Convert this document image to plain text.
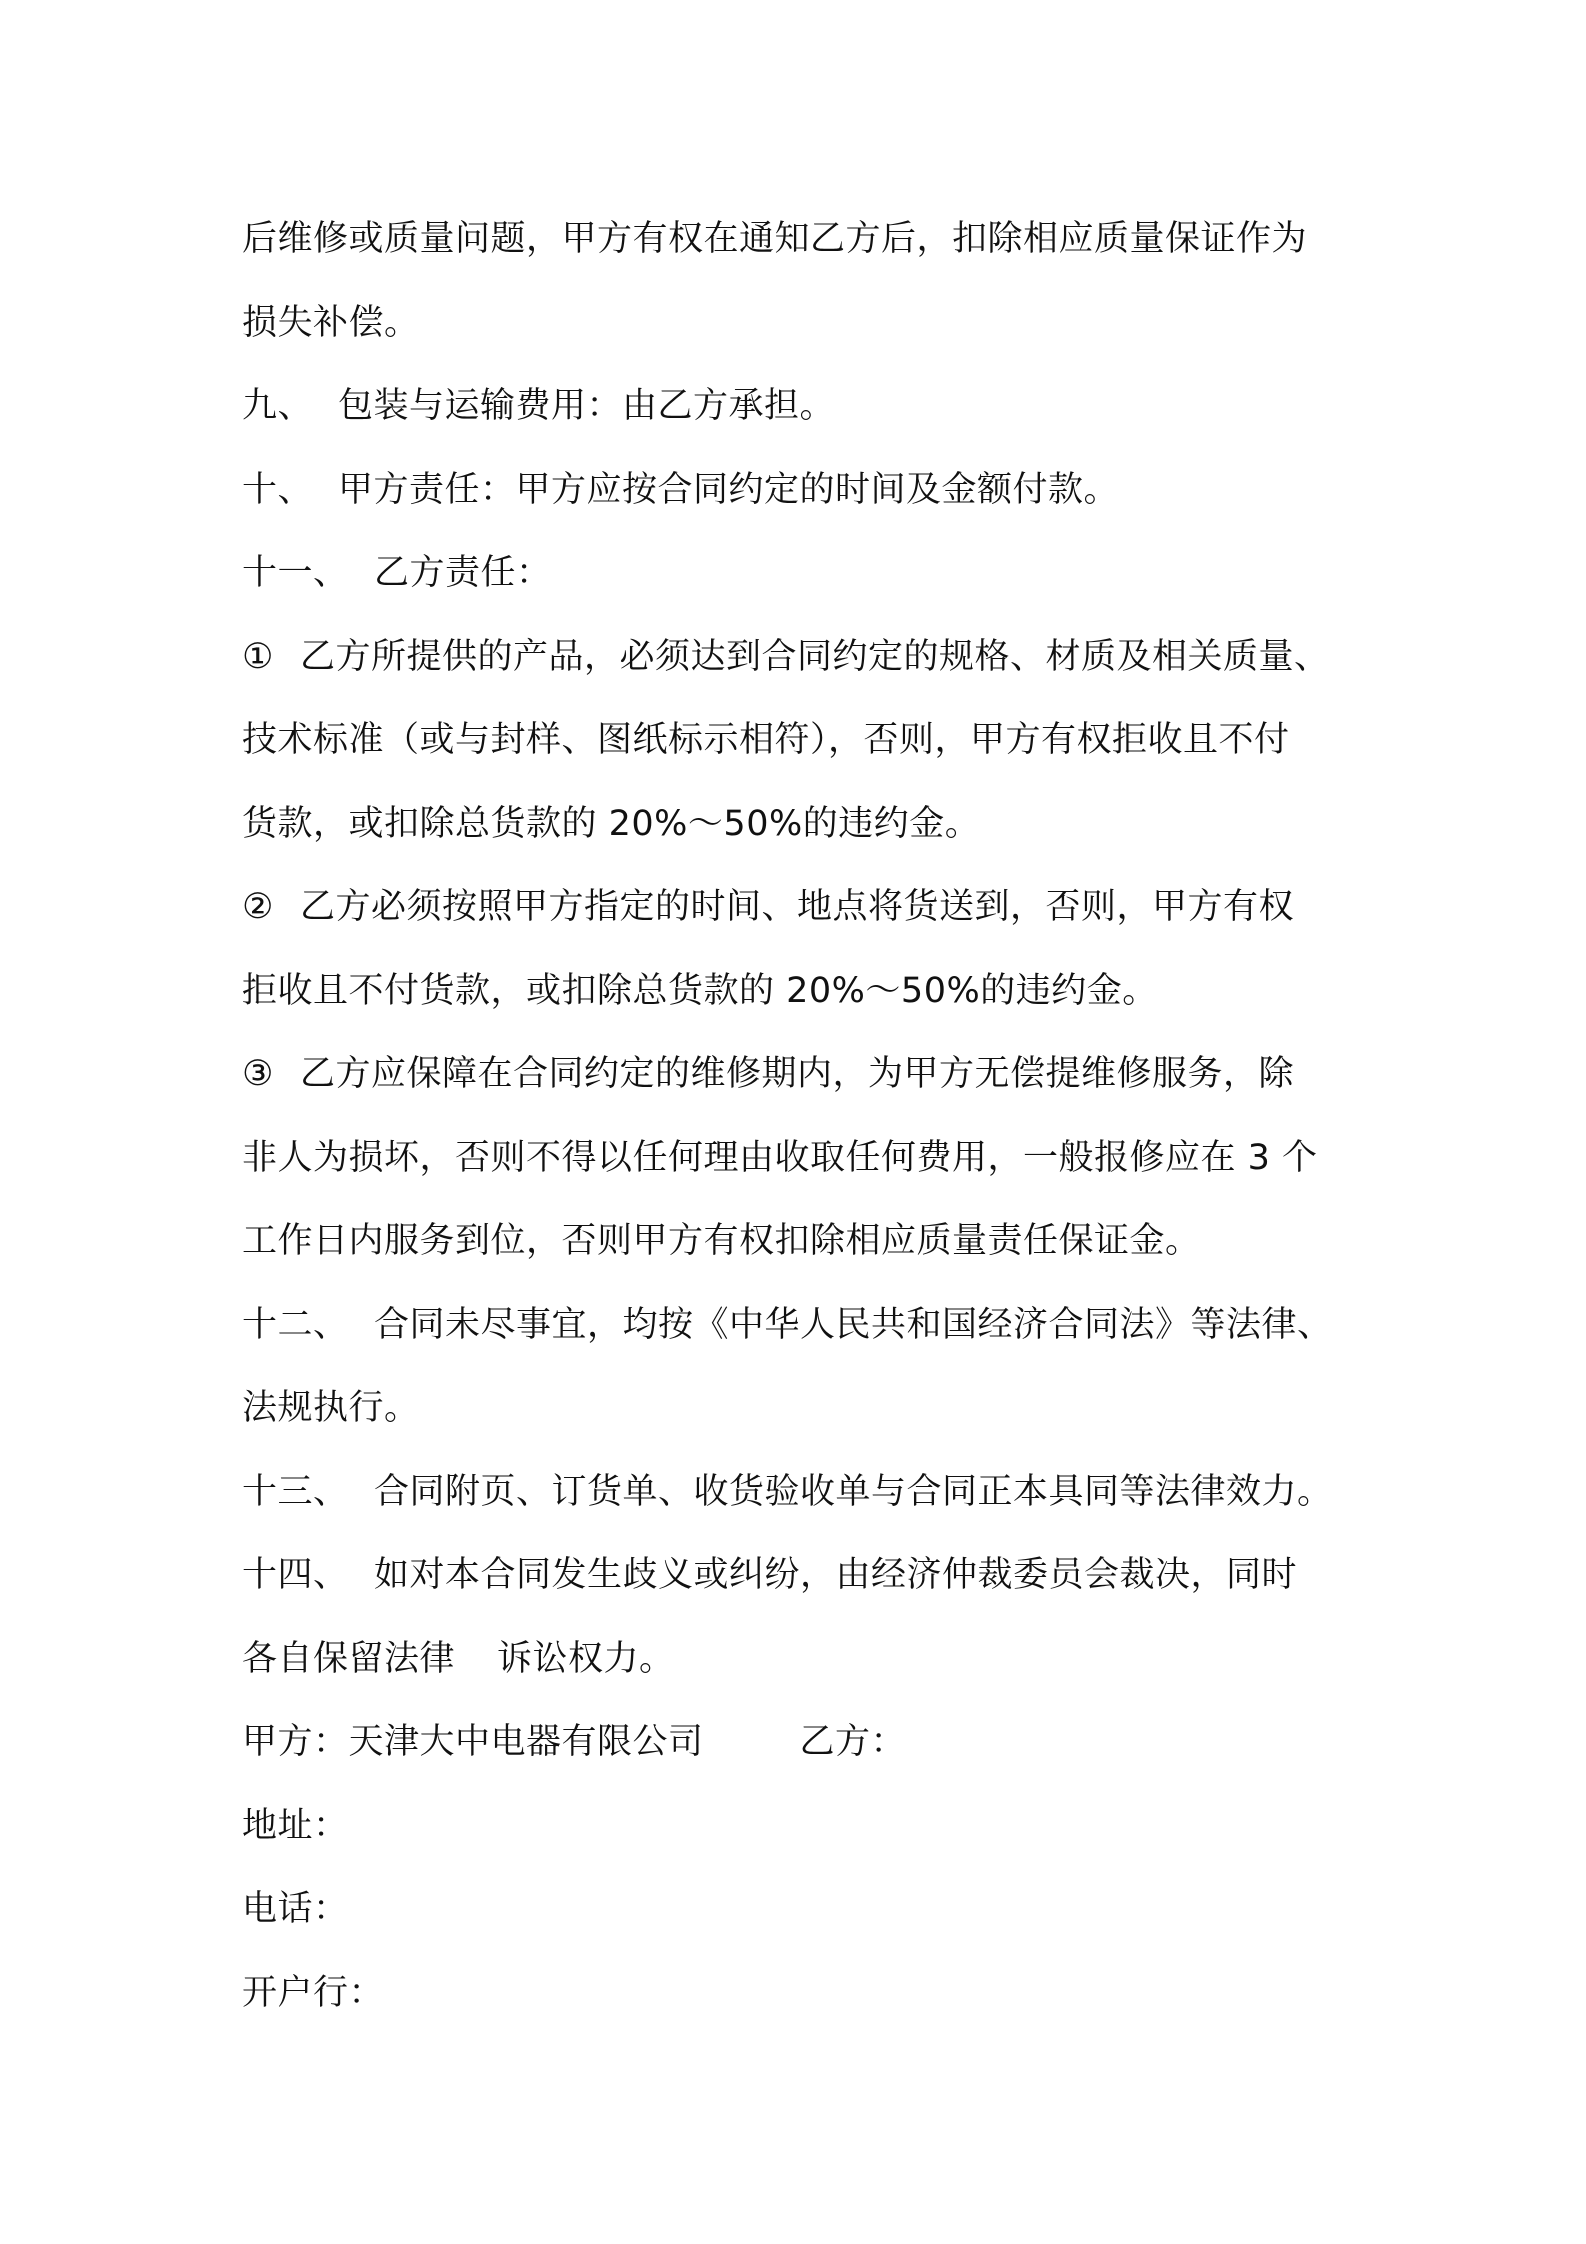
后维修或质量问题，甲方有权在通知乙方后，扣除相应质量保证作为
损失补偿。
九、 包装与运输费用：由乙方承担。
十、 甲方责任：甲方应按合同约定的时间及金额付款。
十一、 乙方责任：
① 乙方所提供的产品，必须达到合同约定的规格、材质及相关质量、
技术标准（或与封样、图纸标示相符），否则，甲方有权拒收且不付
货款，或扣除总货款的 20%～50%的违约金。
② 乙方必须按照甲方指定的时间、地点将货送到，否则，甲方有权
拒收且不付货款，或扣除总货款的 20%～50%的违约金。
③ 乙方应保障在合同约定的维修期内，为甲方无偿提维修服务，除
非人为损坏，否则不得以任何理由收取任何费用，一般报修应在 3 个
工作日内服务到位，否则甲方有权扣除相应质量责任保证金。
十二、 合同未尽事宜，均按《中华人民共和国经济合同法》等法律、
法规执行。
十三、 合同附页、订货单、收货验收单与合同正本具同等法律效力。
十四、 如对本合同发生歧义或纠纷，由经济仲裁委员会裁决，同时
各自保留法律 诉讼权力。
甲方：天津大中电器有限公司	乙方：
地址：
电话：
开户行：
